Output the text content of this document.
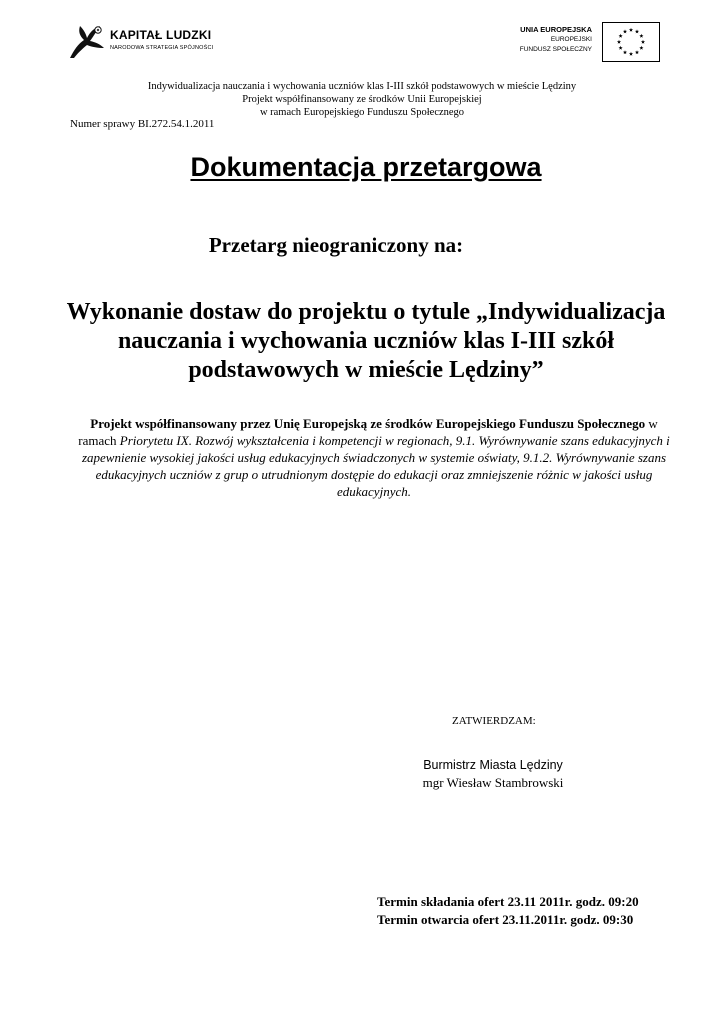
KAPITAŁ LUDZKI
NARODOWA STRATEGIA SPÓJNOŚCI
UNIA EUROPEJSKA
EUROPEJSKI
FUNDUSZ SPOŁECZNY
Indywidualizacja nauczania i wychowania uczniów klas I-III szkół podstawowych w mieście Lędziny
Projekt współfinansowany ze środków Unii Europejskiej
w ramach Europejskiego Funduszu Społecznego
Numer sprawy BI.272.54.1.2011
Dokumentacja przetargowa
Przetarg nieograniczony na:
Wykonanie dostaw do projektu o tytule „Indywidualizacja nauczania i wychowania uczniów klas I-III szkół podstawowych w mieście Lędziny”
Projekt współfinansowany przez Unię Europejską ze środków Europejskiego Funduszu Społecznego w ramach Priorytetu IX. Rozwój wykształcenia i kompetencji w regionach, 9.1. Wyrównywanie szans edukacyjnych i zapewnienie wysokiej jakości usług edukacyjnych świadczonych w systemie oświaty, 9.1.2. Wyrównywanie szans edukacyjnych uczniów z grup o utrudnionym dostępie do edukacji oraz zmniejszenie różnic w jakości usług edukacyjnych.
ZATWIERDZAM:
Burmistrz Miasta Lędziny
mgr Wiesław Stambrowski
Termin składania ofert 23.11 2011r. godz. 09:20
Termin otwarcia ofert 23.11.2011r. godz. 09:30
